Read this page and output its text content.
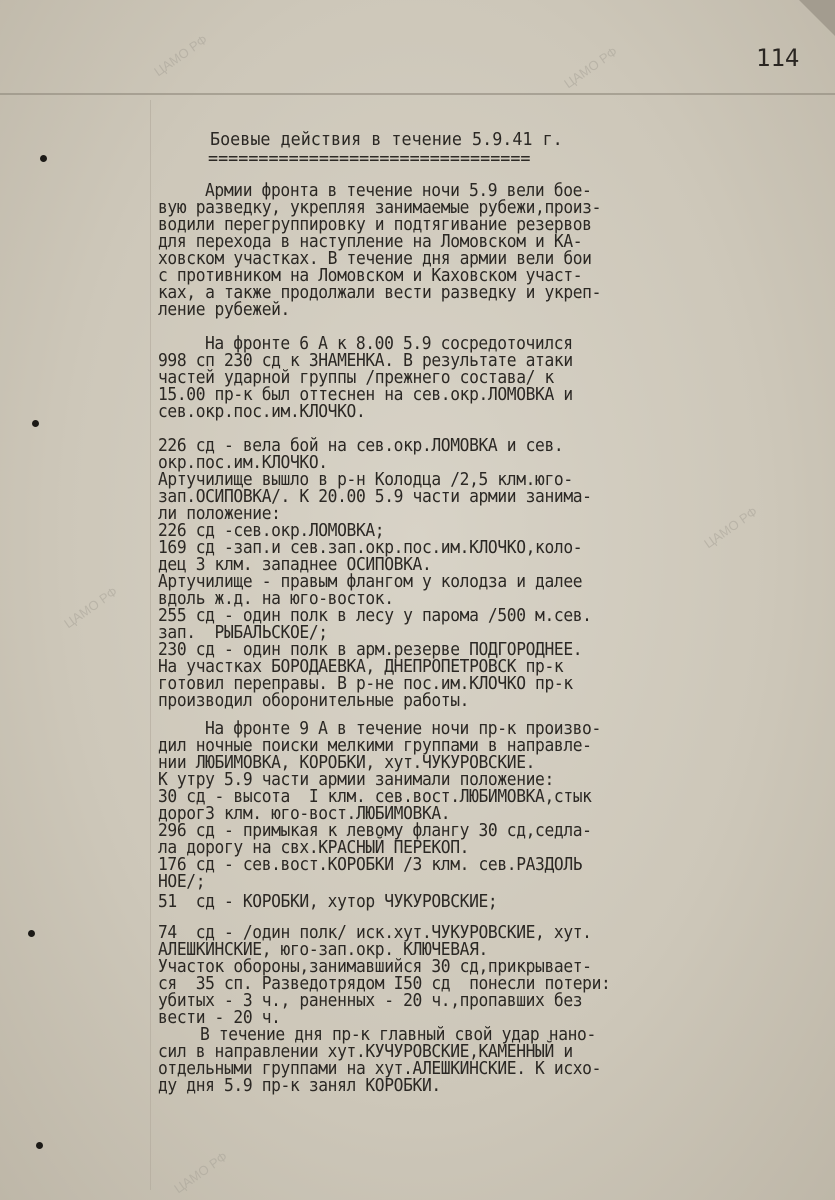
ЦАМО РФ	ЦАМО РФ
ЦАМО РФ
ЦАМО РФ
ЦАМО РФ
114
Боевые действия в течение 5.9.41 г.
================================
Армии фронта в течение ночи 5.9 вели бое-
вую разведку, укрепляя занимаемые рубежи,произ-
водили перегруппировку и подтягивание резервов
для перехода в наступление на Ломовском и КА-
ховском участках. В течение дня армии вели бои
с противником на Ломовском и Каховском участ-
ках, а также продолжали вести разведку и укреп-
ление рубежей.
На фронте 6 А к 8.00 5.9 сосредоточился
998 сп 230 сд к ЗНАМЕНКА. В результате атаки
частей ударной группы /прежнего состава/ к
15.00 пр-к был оттеснен на сев.окр.ЛОМОВКА и
сев.окр.пос.им.КЛОЧКО.
226 сд - вела бой на сев.окр.ЛОМОВКА и сев.
окр.пос.им.КЛОЧКО.
Артучилище вышло в р-н Колодца /2,5 клм.юго-
зап.ОСИПОВКА/. К 20.00 5.9 части армии занима-
ли положение:
226 сд -сев.окр.ЛОМОВКА;
169 сд -зап.и сев.зап.окр.пос.им.КЛОЧКО,коло-
дец 3 клм. западнее ОСИПОВКА.
Артучилище - правым флангом у колодза и далее
вдоль ж.д. на юго-восток.
255 сд - один полк в лесу у парома /500 м.сев.
зап.  РЫБАЛЬСКОЕ/;
230 сд - один полк в арм.резерве ПОДГОРОДНЕЕ.
На участках БОРОДАЕВКА, ДНЕПРОПЕТРОВСК пр-к
готовил переправы. В р-не пос.им.КЛОЧКО пр-к
производил оборонительные работы.
На фронте 9 А в течение ночи пр-к произво-
дил ночные поиски мелкими группами в направле-
нии ЛЮБИМОВКА, КОРОБКИ, хут.ЧУКУРОВСКИЕ.
К утру 5.9 части армии занимали положение:
30 сд - высота  I клм. сев.вост.ЛЮБИМОВКА,стык
дорог3 клм. юго-вост.ЛЮБИМОВКА.
296 сд - примыкая к левому флангу 30 сд,седла-
ла дорогу на свх.КРАСНЫЙ ПЕРЕКОП.
176 сд - сев.вост.КОРОБКИ /3 клм. сев.РАЗДОЛЬ
НОЕ/;
51  сд - КОРОБКИ, хутор ЧУКУРОВСКИЕ;
74  сд - /один полк/ иск.хут.ЧУКУРОВСКИЕ, хут.
АЛЕШКИНСКИЕ, юго-зап.окр. КЛЮЧЕВАЯ.
Участок обороны,занимавшийся 30 сд,прикрывает-
ся  35 сп. Разведотрядом I50 сд  понесли потери:
убитых - 3 ч., раненных - 20 ч.,пропавших без
вести - 20 ч.
В течение дня пр-к главный свой удар нано-
сил в направлении хут.КУЧУРОВСКИЕ,КАМЕННЫЙ и
отдельными группами на хут.АЛЕШКИНСКИЕ. К исхо-
ду дня 5.9 пр-к занял КОРОБКИ.
